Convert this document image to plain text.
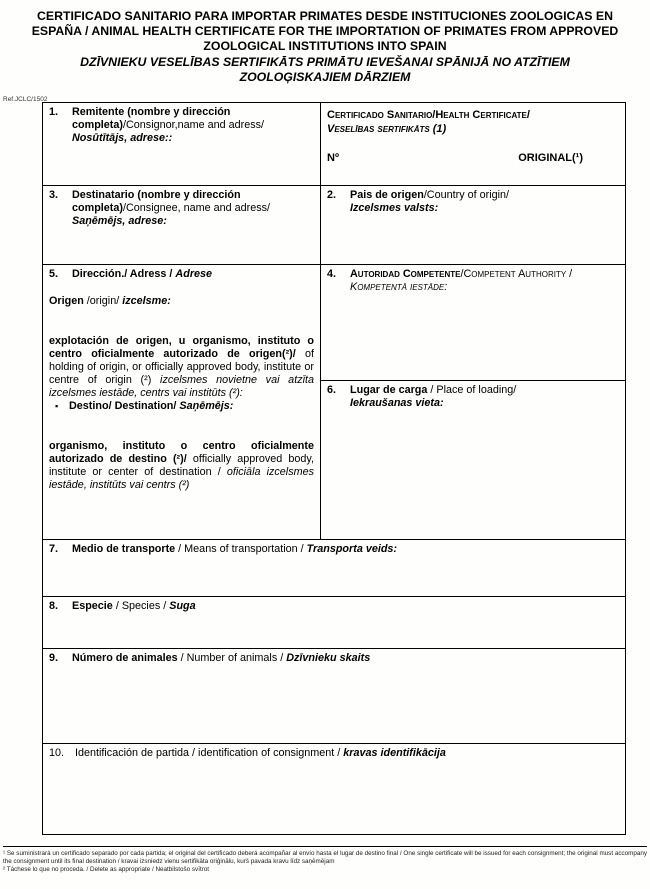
CERTIFICADO SANITARIO PARA IMPORTAR PRIMATES DESDE INSTITUCIONES ZOOLOGICAS EN ESPAÑA / ANIMAL HEALTH CERTIFICATE FOR THE IMPORTATION OF PRIMATES FROM APPROVED ZOOLOGICAL INSTITUTIONS INTO SPAIN
DZĪVNIEKU VESELĪBAS SERTIFIKĀTS PRIMĀTU IEVEŠANAI SPĀNIJĀ NO ATZĪTIEM ZOOLOĢISKAJIEM DĀRZIEM
Ref.JCLC/1502
1.	Remitente (nombre y dirección completa)/Consignor,name and adress/
Nosūtītājs, adrese::

Certificado Sanitario/Health Certificate/
Veselības sertifikāts (1)
Nº	ORIGINAL(¹)

3. Destinatario (nombre y dirección completa)/Consignee, name and adress/
Saņēmējs, adrese:	2. Pais de origen/Country of origin/
Izcelsmes valsts:

5.	Dirección./ Adress / Adrese
Origen /origin/ izcelsme:
explotación de origen, u organismo, instituto o centro oficialmente autorizado de origen(²)/ of holding of origin, or officially approved body, institute or centre of origin (²) izcelsmes novietne vai atzīta izcelsmes iestāde, centrs vai institūts (²):
▪ Destino/ Destination/ Saņēmējs:
organismo, instituto o centro oficialmente autorizado de destino (²)/ officially approved body, institute or center of destination / oficiāla izcelsmes iestāde, institūts vai centrs (²)

4.	Autoridad Competente/Competent Authority / Kompetentā iestāde:

	6. Lugar de carga / Place of loading/
Iekraušanas vieta:

7. Medio de transporte / Means of transportation / Transporta veids:	

8. Especie / Species / Suga	

9. Número de animales / Number of animals / Dzīvnieku skaits	

10. Identificación de partida / identification of consignment / kravas identifikācija	
¹ Se suministrará un certificado separado por cada partida; el original del certificado deberá acompañar al envío hasta el lugar de destino final / One single certificate will be issued for each consignment; the original must accompany the consignment until its final destination / kravai izsniedz vienu sertifikāta oriģinālu, kurš pavada kravu līdz saņēmējam
² Táchese lo que no proceda. / Delete as appropriate / Neatbilstošo svītrot
